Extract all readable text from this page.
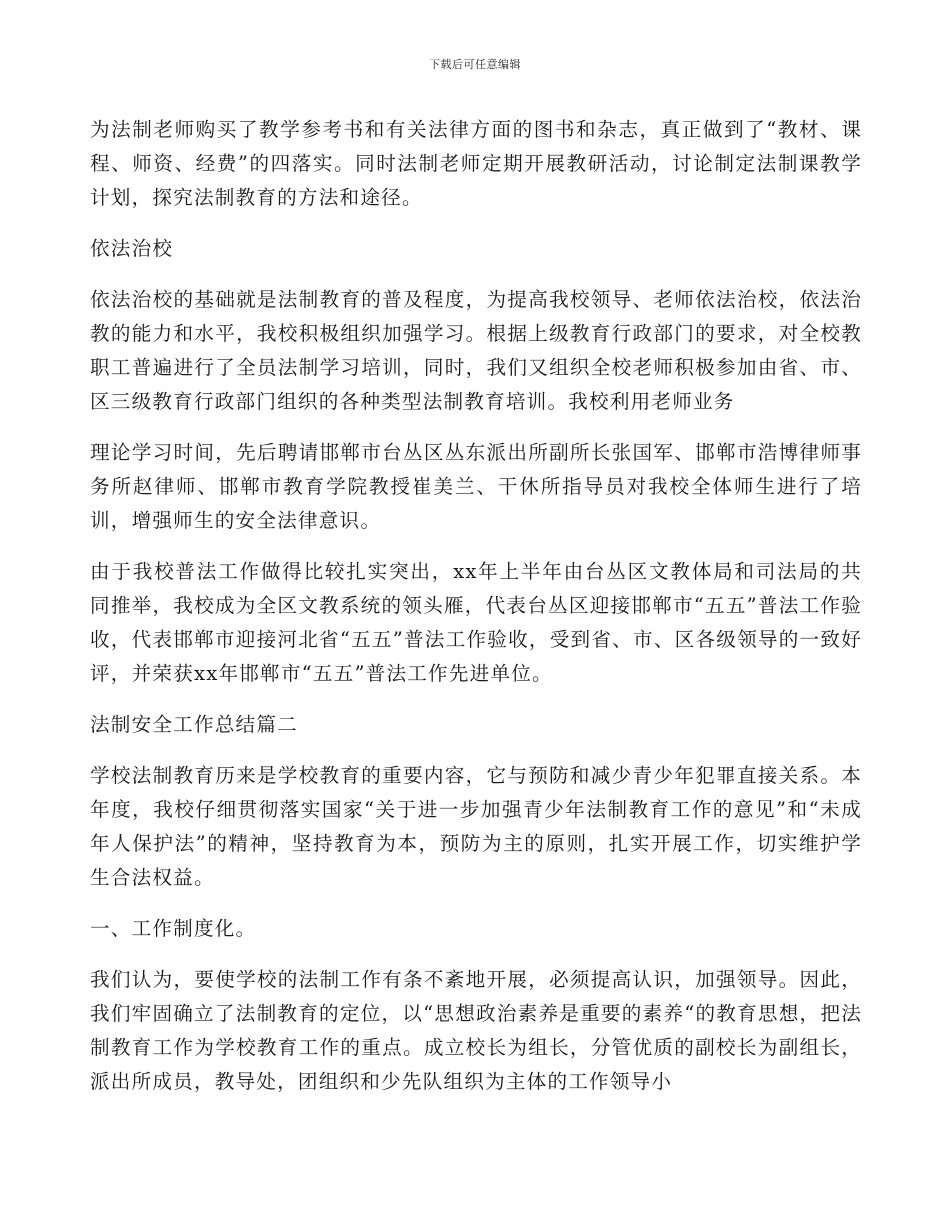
下载后可任意编辑

为法制老师购买了教学参考书和有关法律方面的图书和杂志，真正做到了“教材、课程、师资、经费”的四落实。同时法制老师定期开展教研活动，讨论制定法制课教学计划，探究法制教育的方法和途径。

依法治校

依法治校的基础就是法制教育的普及程度，为提高我校领导、老师依法治校，依法治教的能力和水平，我校积极组织加强学习。根据上级教育行政部门的要求，对全校教职工普遍进行了全员法制学习培训，同时，我们又组织全校老师积极参加由省、市、区三级教育行政部门组织的各种类型法制教育培训。我校利用老师业务

理论学习时间，先后聘请邯郸市台丛区丛东派出所副所长张国军、邯郸市浩博律师事务所赵律师、邯郸市教育学院教授崔美兰、干休所指导员对我校全体师生进行了培训，增强师生的安全法律意识。

由于我校普法工作做得比较扎实突出，xx年上半年由台丛区文教体局和司法局的共同推举，我校成为全区文教系统的领头雁，代表台丛区迎接邯郸市“五五”普法工作验收，代表邯郸市迎接河北省“五五”普法工作验收，受到省、市、区各级领导的一致好评，并荣获xx年邯郸市“五五”普法工作先进单位。

法制安全工作总结篇二

学校法制教育历来是学校教育的重要内容，它与预防和减少青少年犯罪直接关系。本年度，我校仔细贯彻落实国家“关于进一步加强青少年法制教育工作的意见”和“未成年人保护法”的精神，坚持教育为本，预防为主的原则，扎实开展工作，切实维护学生合法权益。

一、工作制度化。

我们认为，要使学校的法制工作有条不紊地开展，必须提高认识，加强领导。因此，我们牢固确立了法制教育的定位，以“思想政治素养是重要的素养“的教育思想，把法制教育工作为学校教育工作的重点。成立校长为组长，分管优质的副校长为副组长，派出所成员，教导处，团组织和少先队组织为主体的工作领导小
